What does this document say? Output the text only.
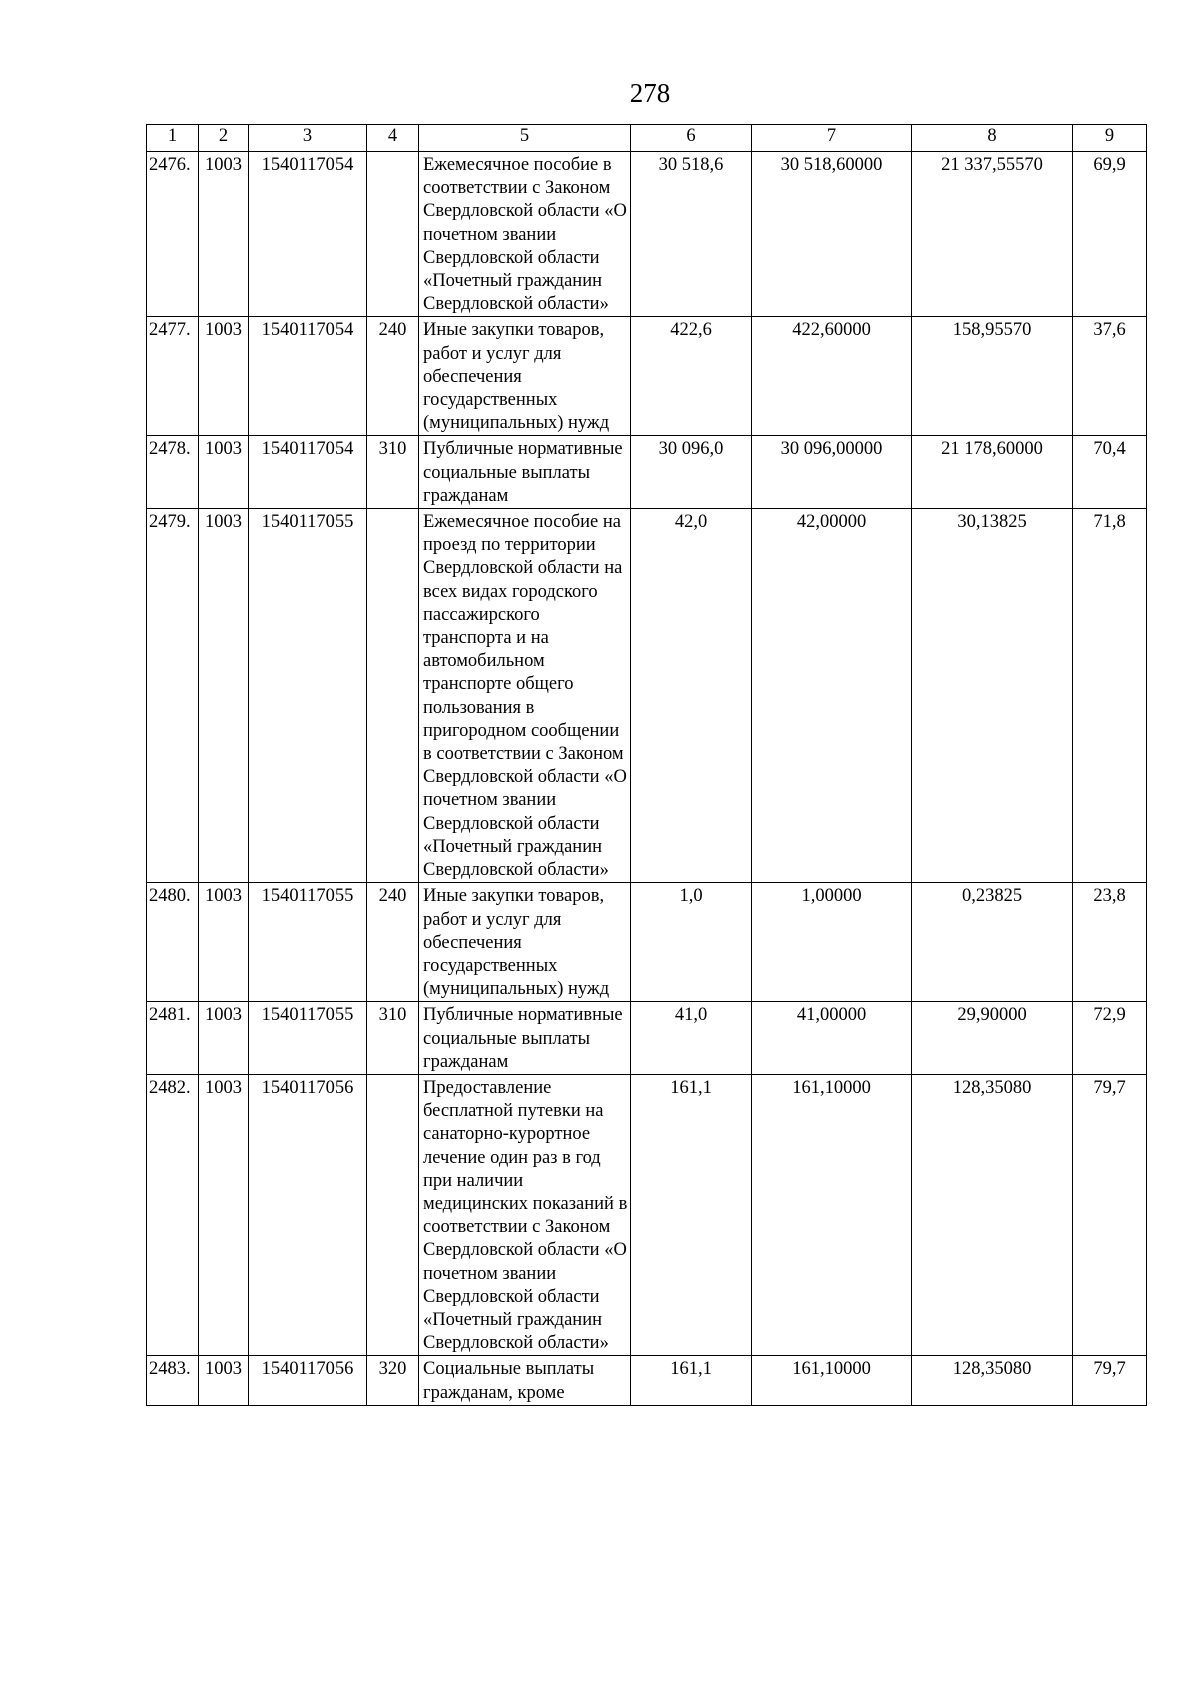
278
1	2	3	4	5	6	7	8	9
2476.	1003	1540117054		Ежемесячное пособие в соответствии с Законом Свердловской области «О почетном звании Свердловской области «Почетный гражданин Свердловской области»	30 518,6	30 518,60000	21 337,55570	69,9
2477.	1003	1540117054	240	Иные закупки товаров, работ и услуг для обеспечения государственных (муниципальных) нужд	422,6	422,60000	158,95570	37,6
2478.	1003	1540117054	310	Публичные нормативные социальные выплаты гражданам	30 096,0	30 096,00000	21 178,60000	70,4
2479.	1003	1540117055		Ежемесячное пособие на проезд по территории Свердловской области на всех видах городского пассажирского транспорта и на автомобильном транспорте общего пользования в пригородном сообщении в соответствии с Законом Свердловской области «О почетном звании Свердловской области «Почетный гражданин Свердловской области»	42,0	42,00000	30,13825	71,8
2480.	1003	1540117055	240	Иные закупки товаров, работ и услуг для обеспечения государственных (муниципальных) нужд	1,0	1,00000	0,23825	23,8
2481.	1003	1540117055	310	Публичные нормативные социальные выплаты гражданам	41,0	41,00000	29,90000	72,9
2482.	1003	1540117056		Предоставление бесплатной путевки на санаторно-курортное лечение один раз в год при наличии медицинских показаний в соответствии с Законом Свердловской области «О почетном звании Свердловской области «Почетный гражданин Свердловской области»	161,1	161,10000	128,35080	79,7
2483.	1003	1540117056	320	Социальные выплаты гражданам, кроме	161,1	161,10000	128,35080	79,7
